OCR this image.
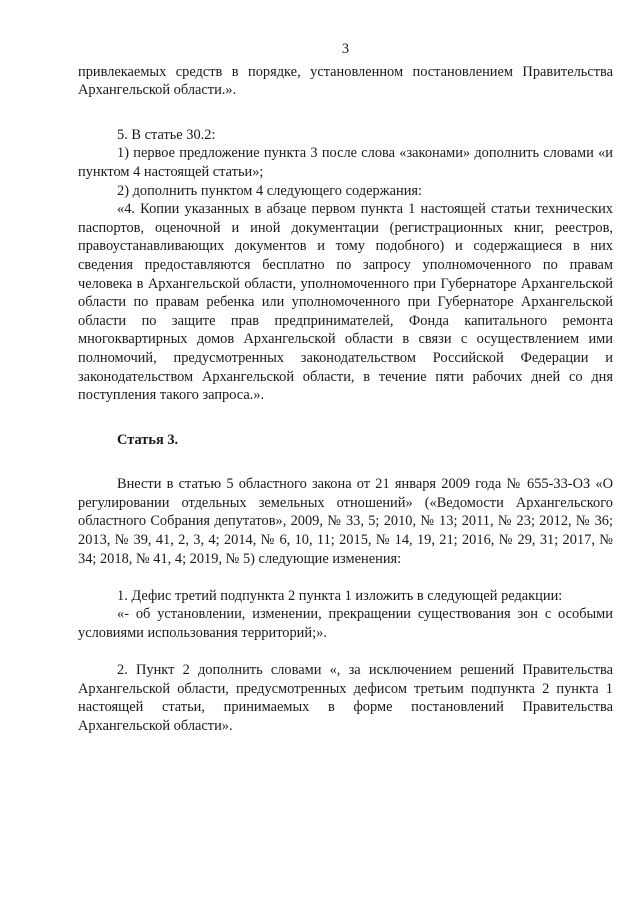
3

привлекаемых средств в порядке, установленном постановлением Правительства Архангельской области.».

5. В статье 30.2:

1) первое предложение пункта 3 после слова «законами» дополнить словами «и пунктом 4 настоящей статьи»;

2) дополнить пунктом 4 следующего содержания:

«4. Копии указанных в абзаце первом пункта 1 настоящей статьи технических паспортов, оценочной и иной документации (регистрационных книг, реестров, правоустанавливающих документов и тому подобного) и содержащиеся в них сведения предоставляются бесплатно по запросу уполномоченного по правам человека в Архангельской области, уполномоченного при Губернаторе Архангельской области по правам ребенка или уполномоченного при Губернаторе Архангельской области по защите прав предпринимателей, Фонда капитального ремонта многоквартирных домов Архангельской области в связи с осуществлением ими полномочий, предусмотренных законодательством Российской Федерации и законодательством Архангельской области, в течение пяти рабочих дней со дня поступления такого запроса.».

Статья 3.

Внести в статью 5 областного закона от 21 января 2009 года № 655-33-ОЗ «О регулировании отдельных земельных отношений» («Ведомости Архангельского областного Собрания депутатов», 2009, № 33, 5; 2010, № 13; 2011, № 23; 2012, № 36; 2013, № 39, 41, 2, 3, 4; 2014, № 6, 10, 11; 2015, № 14, 19, 21; 2016, № 29, 31; 2017, № 34; 2018, № 41, 4; 2019, № 5) следующие изменения:

1. Дефис третий подпункта 2 пункта 1 изложить в следующей редакции:

«- об установлении, изменении, прекращении существования зон с особыми условиями использования территорий;».

2. Пункт 2 дополнить словами «, за исключением решений Правительства Архангельской области, предусмотренных дефисом третьим подпункта 2 пункта 1 настоящей статьи, принимаемых в форме постановлений Правительства Архангельской области».
